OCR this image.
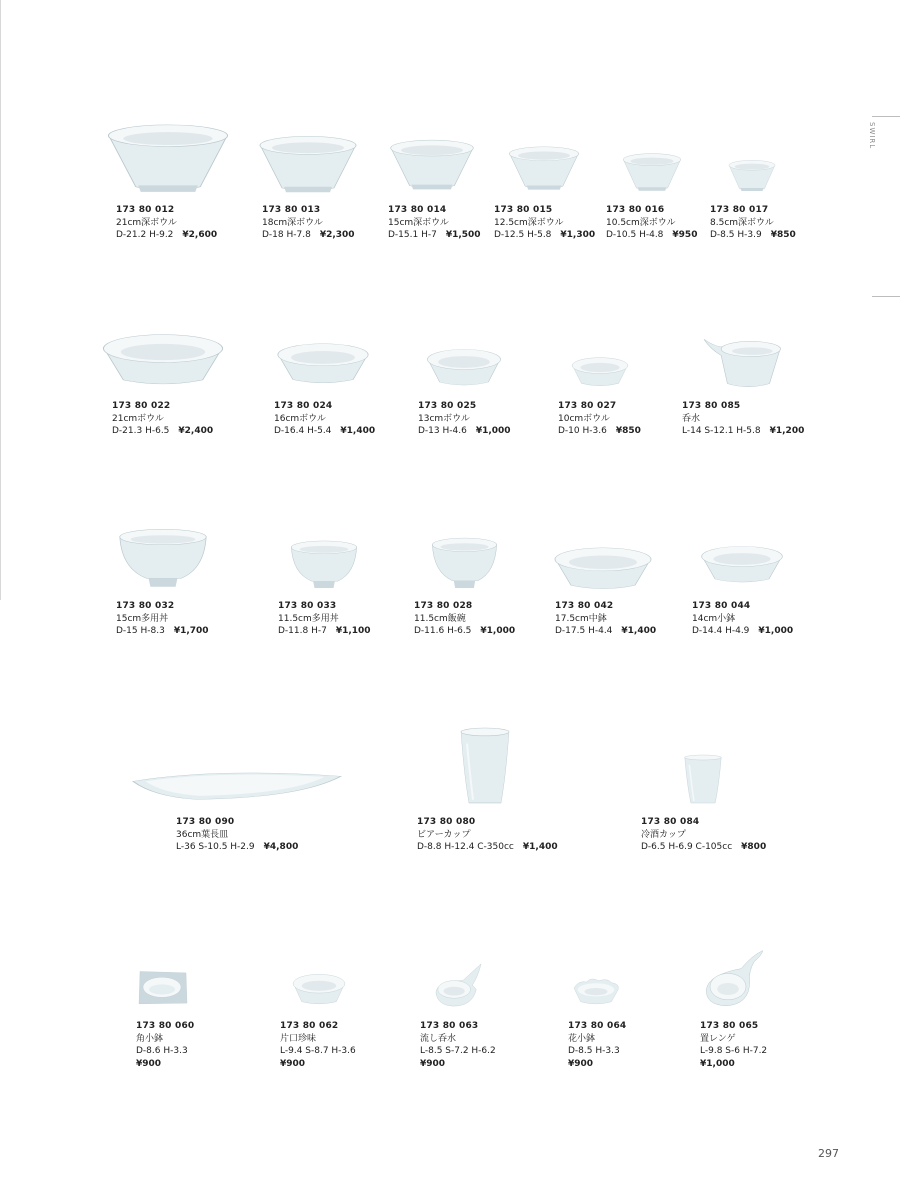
SWIRL
173 80 012
21cm深ボウル
D-21.2 H-9.2 ¥2,600
173 80 013
18cm深ボウル
D-18 H-7.8 ¥2,300
173 80 014
15cm深ボウル
D-15.1 H-7 ¥1,500
173 80 015
12.5cm深ボウル
D-12.5 H-5.8 ¥1,300
173 80 016
10.5cm深ボウル
D-10.5 H-4.8 ¥950
173 80 017
8.5cm深ボウル
D-8.5 H-3.9 ¥850
173 80 022
21cmボウル
D-21.3 H-6.5 ¥2,400
173 80 024
16cmボウル
D-16.4 H-5.4 ¥1,400
173 80 025
13cmボウル
D-13 H-4.6 ¥1,000
173 80 027
10cmボウル
D-10 H-3.6 ¥850
173 80 085
呑水
L-14 S-12.1 H-5.8 ¥1,200
173 80 032
15cm多用丼
D-15 H-8.3 ¥1,700
173 80 033
11.5cm多用丼
D-11.8 H-7 ¥1,100
173 80 028
11.5cm飯碗
D-11.6 H-6.5 ¥1,000
173 80 042
17.5cm中鉢
D-17.5 H-4.4 ¥1,400
173 80 044
14cm小鉢
D-14.4 H-4.9 ¥1,000
173 80 090
36cm葉長皿
L-36 S-10.5 H-2.9 ¥4,800
173 80 080
ビアーカップ
D-8.8 H-12.4 C-350cc ¥1,400
173 80 084
冷酒カップ
D-6.5 H-6.9 C-105cc ¥800
173 80 060
角小鉢
D-8.6 H-3.3
¥900
173 80 062
片口珍味
L-9.4 S-8.7 H-3.6
¥900
173 80 063
流し呑水
L-8.5 S-7.2 H-6.2
¥900
173 80 064
花小鉢
D-8.5 H-3.3
¥900
173 80 065
置レンゲ
L-9.8 S-6 H-7.2
¥1,000
297
